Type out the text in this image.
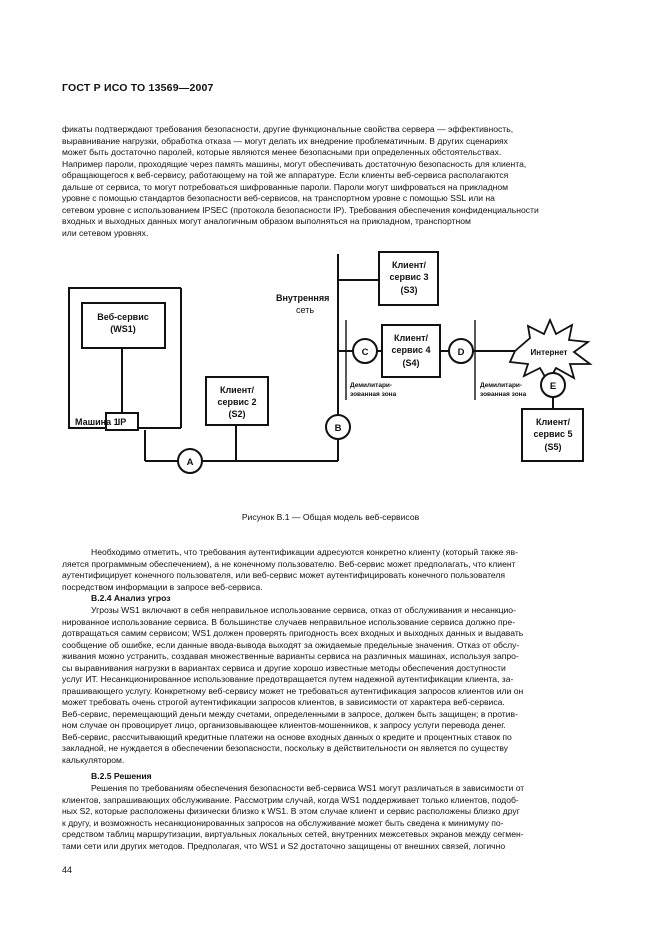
ГОСТ Р ИСО ТО 13569—2007
фикаты подтверждают требования безопасности, другие функциональные свойства сервера — эффективность,
выравнивание нагрузки, обработка отказа — могут делать их внедрение проблематичным. В других сценариях
может быть достаточно паролей, которые являются менее безопасными при определенных обстоятельствах.
Например пароли, проходящие через память машины, могут обеспечивать достаточную безопасность для клиента,
обращающегося к веб-сервису, работающему на той же аппаратуре. Если клиенты веб-сервиса располагаются
дальше от сервиса, то могут потребоваться шифрованные пароли. Пароли могут шифроваться на прикладном
уровне с помощью стандартов безопасности веб-сервисов, на транспортном уровне с помощью SSL или на
сетевом уровне с использованием IPSEC (протокола безопасности IP). Требования обеспечения конфиденциальности
входных и выходных данных могут аналогичным образом выполняться на прикладном, транспортном
или сетевом уровнях.
A
B
C	D
E
Веб-сервис
(WS1)
Клиент/
сервис 2
(S2)
Клиент/
сервис 3
(S3)
Клиент/
сервис 4
(S4)
Клиент/
сервис 5
(S5)
IP
Интернет
Машина 1
Внутренняя
сеть
Демилитари-
зованная зона
Демилитари-
зованная зона
Рисунок В.1 — Общая модель веб-сервисов
Необходимо отметить, что требования аутентификации адресуются конкретно клиенту (который также яв-
ляется программным обеспечением), а не конечному пользователю. Веб-сервис может предполагать, что клиент
аутентифицирует конечного пользователя, или веб-сервис может аутентифицировать конечного пользователя
посредством информации в запросе веб-сервиса.
В.2.4 Анализ угроз
Угрозы WS1 включают в себя неправильное использование сервиса, отказ от обслуживания и несанкцио-
нированное использование сервиса. В большинстве случаев неправильное использование сервиса должно пре-
дотвращаться самим сервисом; WS1 должен проверять пригодность всех входных и выходных данных и выдавать
сообщение об ошибке, если данные ввода-вывода выходят за ожидаемые предельные значения. Отказ от обслу-
живания можно устранить, создавая множественные варианты сервиса на различных машинах, используя запро-
сы выравнивания нагрузки в вариантах сервиса и другие хорошо известные методы обеспечения доступности
услуг ИТ. Несанкционированное использование предотвращается путем надежной аутентификации клиента, за-
прашивающего услугу. Конкретному веб-сервису может не требоваться аутентификация запросов клиентов или он
может требовать очень строгой аутентификации запросов клиентов, в зависимости от характера веб-сервиса.
Веб-сервис, перемещающий деньги между счетами, определенными в запросе, должен быть защищен; в против-
ном случае он провоцирует лицо, организовывающее клиентов-мошенников, к запросу услуги перевода денег.
Веб-сервис, рассчитывающий кредитные платежи на основе входных данных о кредите и процентных ставок по
закладной, не нуждается в обеспечении безопасности, поскольку в действительности он является по существу
калькулятором.
В.2.5 Решения
Решения по требованиям обеспечения безопасности веб-сервиса WS1 могут различаться в зависимости от
клиентов, запрашивающих обслуживание. Рассмотрим случай, когда WS1 поддерживает только клиентов, подоб-
ных S2, которые расположены физически близко к WS1. В этом случае клиент и сервис расположены близко друг
к другу, и возможность несанкционированных запросов на обслуживание может быть сведена к минимуму по-
средством таблиц маршрутизации, виртуальных локальных сетей, внутренних межсетевых экранов между сегмен-
тами сети или других методов. Предполагая, что WS1 и S2 достаточно защищены от внешних связей, логично
44
